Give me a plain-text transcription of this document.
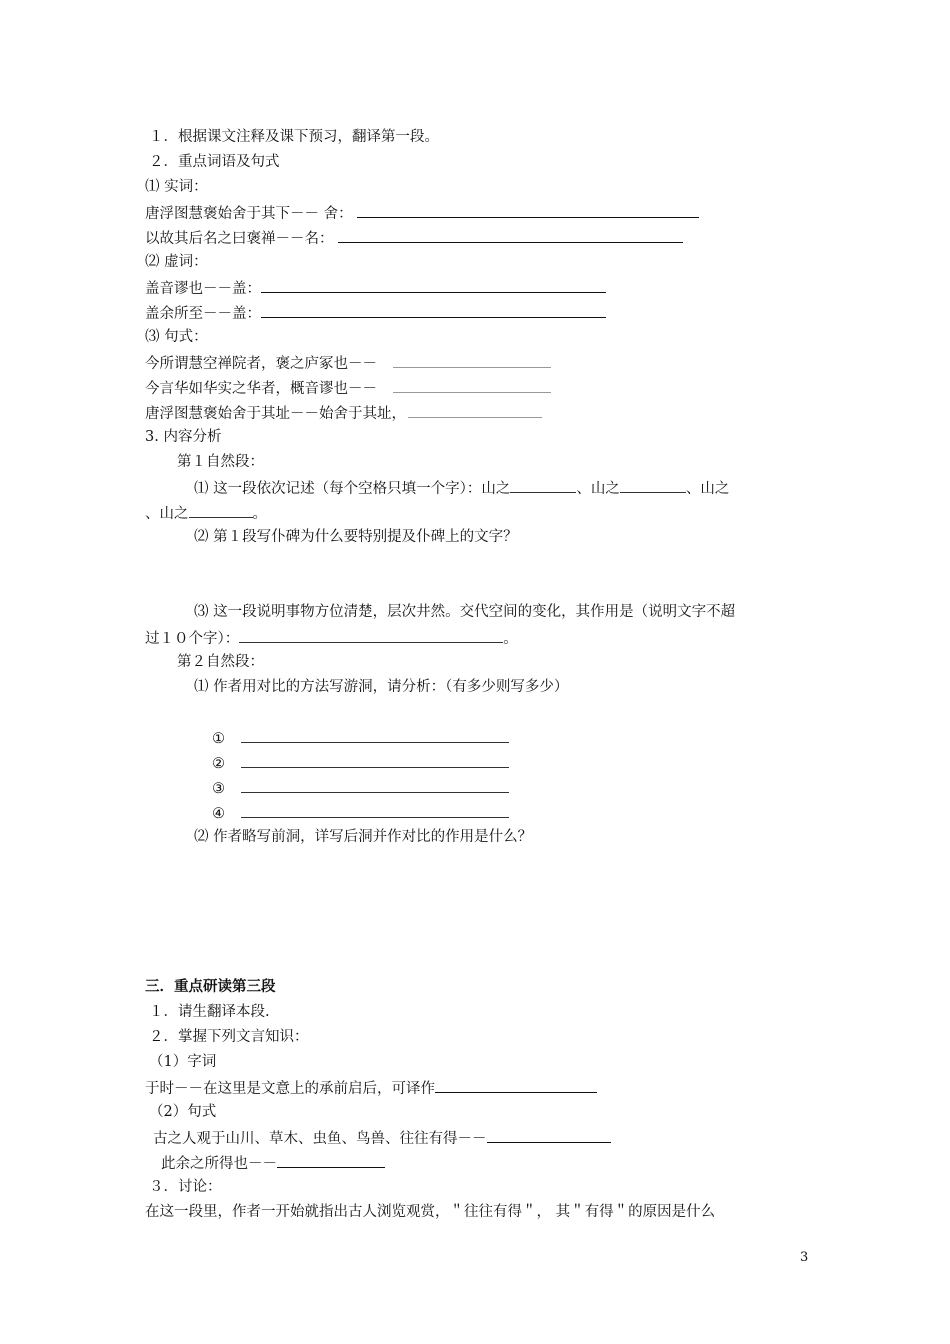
１．根据课文注释及课下预习，翻译第一段。
２．重点词语及句式
⑴ 实词：
唐浮图慧褒始舍于其下－－ 舍：
以故其后名之曰褒禅－－名：
⑵ 虚词：
盖音谬也－－盖：
盖余所至－－盖：
⑶ 句式：
今所谓慧空禅院者，褒之庐冢也－－
今言华如华实之华者，概音谬也－－
唐浮图慧褒始舍于其址－－始舍于其址，
3. 内容分析
第１自然段：
⑴ 这一段依次记述（每个空格只填一个字）：山之	、山之	、山之
、山之	。
⑵ 第１段写仆碑为什么要特别提及仆碑上的文字？
⑶ 这一段说明事物方位清楚，层次井然。交代空间的变化，其作用是（说明文字不超
过１０个字）：	。
第２自然段：
⑴ 作者用对比的方法写游洞，请分析：（有多少则写多少）
①
②
③
④
⑵ 作者略写前洞，详写后洞并作对比的作用是什么？
三．重点研读第三段
１．请生翻译本段.
２．掌握下列文言知识：
（1）字词
于时－－在这里是文意上的承前启后，可译作
（2）句式
古之人观于山川、草木、虫鱼、鸟兽、往往有得－－
此余之所得也－－
３．讨论：
在这一段里，作者一开始就指出古人浏览观赏，＂往往有得＂， 其＂有得＂的原因是什么
3
